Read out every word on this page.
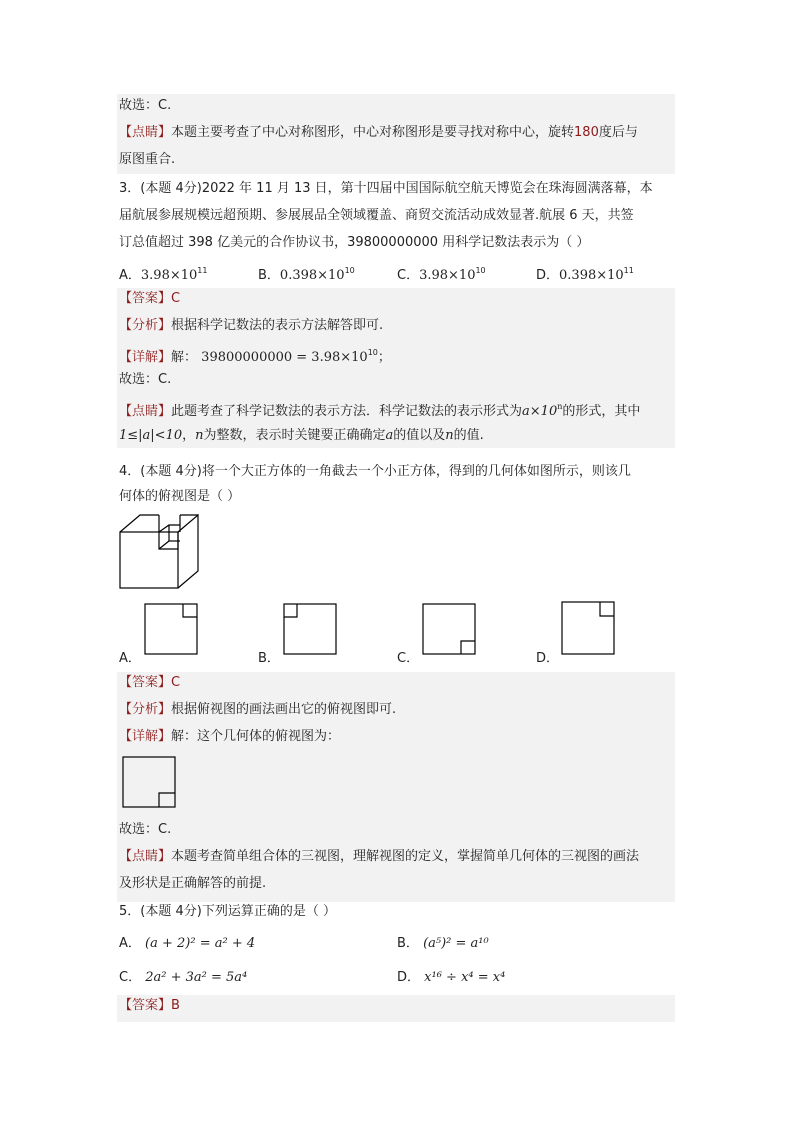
故选：C.
【点睛】本题主要考查了中心对称图形，中心对称图形是要寻找对称中心，旋转180度后与
原图重合.
3．(本题 4分)2022 年 11 月 13 日，第十四届中国国际航空航天博览会在珠海圆满落幕，本
届航展参展规模远超预期、参展展品全领域覆盖、商贸交流活动成效显著.航展 6 天，共签
订总值超过 398 亿美元的合作协议书，39800000000 用科学记数法表示为（ ）
A．$3.98\times 10^{11}$	B．$0.398\times 10^{10}$	C．$3.98\times 10^{10}$	D．$0.398\times 10^{11}$
【答案】C
【分析】根据科学记数法的表示方法解答即可.
【详解】解： $39800000000 = 3.98\times 10^{10}$；
故选：C.
【点睛】此题考查了科学记数法的表示方法．科学记数法的表示形式为$a\times 10^n$的形式，其中
1≤|a|<10，n为整数，表示时关键要正确确定a的值以及n的值.
4．(本题 4分)将一个大正方体的一角截去一个小正方体，得到的几何体如图所示，则该几
何体的俯视图是（ ）
A．	B．	C．	D．
【答案】C
【分析】根据俯视图的画法画出它的俯视图即可.
【详解】解：这个几何体的俯视图为：
故选：C.
【点睛】本题考查简单组合体的三视图，理解视图的定义，掌握简单几何体的三视图的画法
及形状是正确解答的前提.
5．(本题 4分)下列运算正确的是（ ）
A． (a + 2)² = a² + 4	B． (a⁵)² = a¹⁰
C． 2a² + 3a² = 5a⁴	D． x¹⁶ ÷ x⁴ = x⁴
【答案】B
